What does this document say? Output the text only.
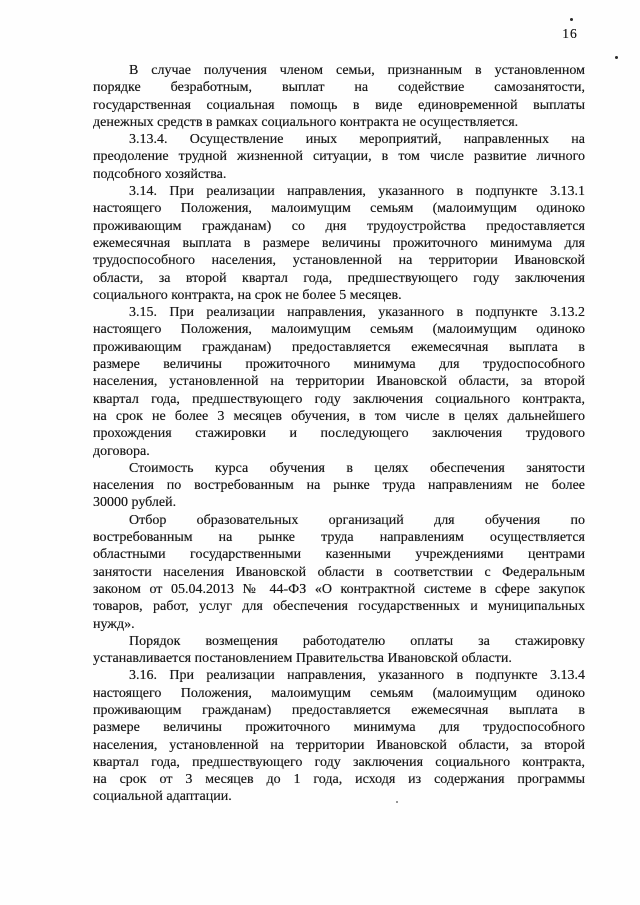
16
В случае получения членом семьи, признанным в установленном
порядке безработным, выплат на содействие самозанятости,
государственная социальная помощь в виде единовременной выплаты
денежных средств в рамках социального контракта не осуществляется.
3.13.4. Осуществление иных мероприятий, направленных на
преодоление трудной жизненной ситуации, в том числе развитие личного
подсобного хозяйства.
3.14. При реализации направления, указанного в подпункте 3.13.1
настоящего Положения, малоимущим семьям (малоимущим одиноко
проживающим гражданам) со дня трудоустройства предоставляется
ежемесячная выплата в размере величины прожиточного минимума для
трудоспособного населения, установленной на территории Ивановской
области, за второй квартал года, предшествующего году заключения
социального контракта, на срок не более 5 месяцев.
3.15. При реализации направления, указанного в подпункте 3.13.2
настоящего Положения, малоимущим семьям (малоимущим одиноко
проживающим гражданам) предоставляется ежемесячная выплата в
размере величины прожиточного минимума для трудоспособного
населения, установленной на территории Ивановской области, за второй
квартал года, предшествующего году заключения социального контракта,
на срок не более 3 месяцев обучения, в том числе в целях дальнейшего
прохождения стажировки и последующего заключения трудового
договора.
Стоимость курса обучения в целях обеспечения занятости
населения по востребованным на рынке труда направлениям не более
30000 рублей.
Отбор образовательных организаций для обучения по
востребованным на рынке труда направлениям осуществляется
областными государственными казенными учреждениями центрами
занятости населения Ивановской области в соответствии с Федеральным
законом от 05.04.2013 № 44-ФЗ «О контрактной системе в сфере закупок
товаров, работ, услуг для обеспечения государственных и муниципальных
нужд».
Порядок возмещения работодателю оплаты за стажировку
устанавливается постановлением Правительства Ивановской области.
3.16. При реализации направления, указанного в подпункте 3.13.4
настоящего Положения, малоимущим семьям (малоимущим одиноко
проживающим гражданам) предоставляется ежемесячная выплата в
размере величины прожиточного минимума для трудоспособного
населения, установленной на территории Ивановской области, за второй
квартал года, предшествующего году заключения социального контракта,
на срок от 3 месяцев до 1 года, исходя из содержания программы
социальной адаптации.
